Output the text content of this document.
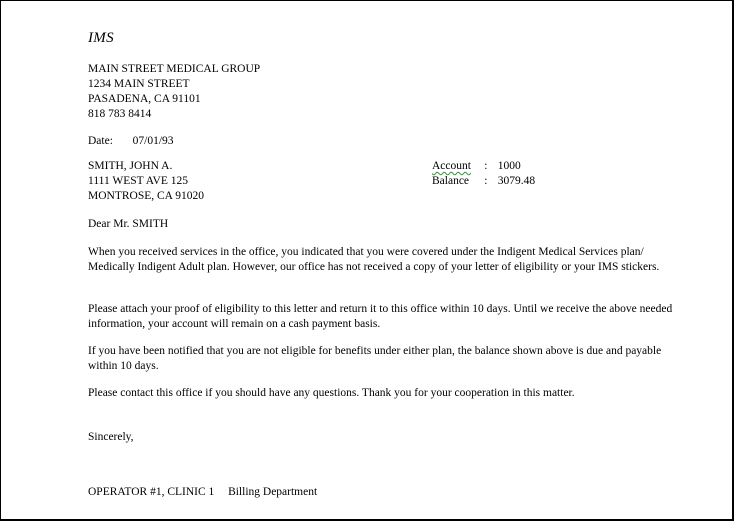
IMS
MAIN STREET MEDICAL GROUP
1234 MAIN STREET
PASADENA, CA 91101
818 783 8414
Date: 07/01/93
SMITH, JOHN A.
1111 WEST AVE 125
MONTROSE, CA 91020
Account : 1000
Balance : 3079.48
Dear Mr. SMITH
When you received services in the office, you indicated that you were covered under the Indigent Medical Services plan/ Medically Indigent Adult plan. However, our office has not received a copy of your letter of eligibility or your IMS stickers.
Please attach your proof of eligibility to this letter and return it to this office within 10 days. Until we receive the above needed information, your account will remain on a cash payment basis.
If you have been notified that you are not eligible for benefits under either plan, the balance shown above is due and payable within 10 days.
Please contact this office if you should have any questions. Thank you for your cooperation in this matter.
Sincerely,
OPERATOR #1, CLINIC 1 Billing Department
